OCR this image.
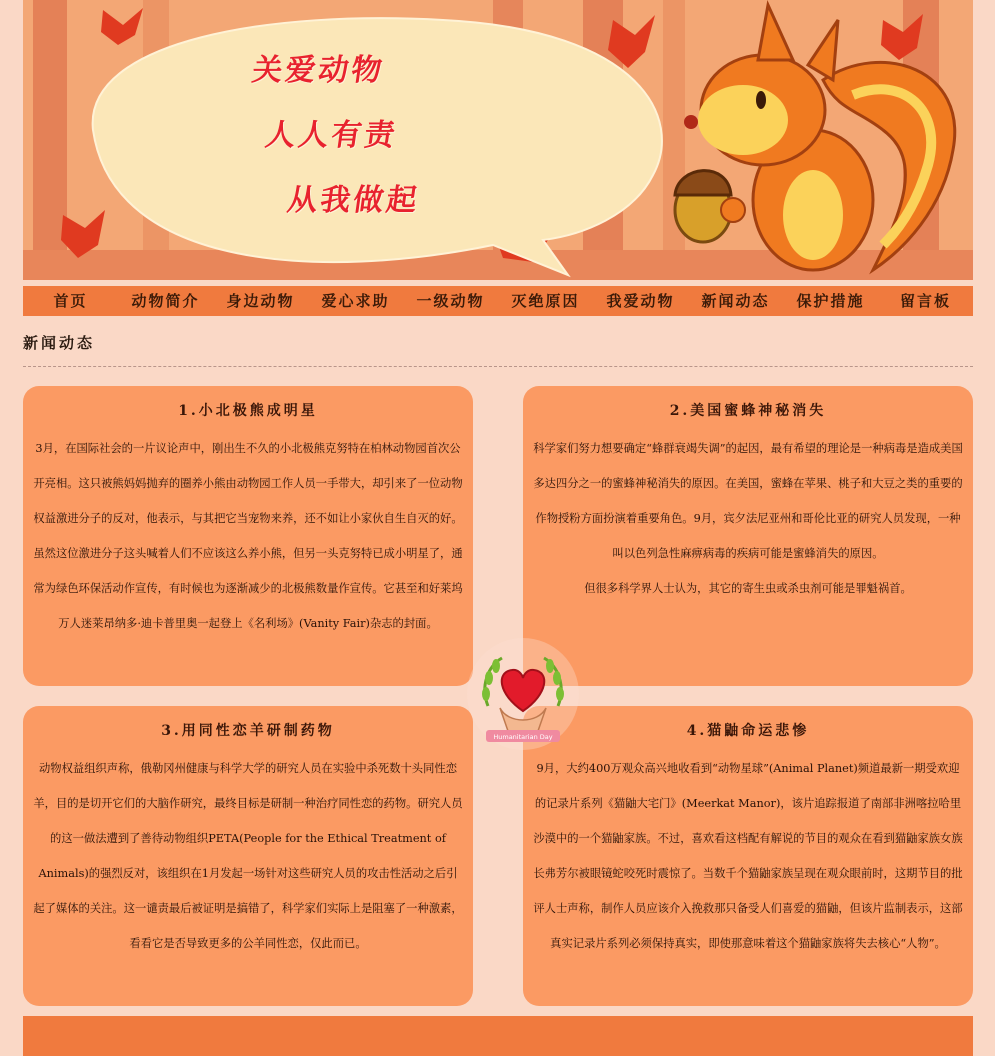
关爱动物
人人有责
从我做起
首页	动物简介	身边动物	爱心求助	一级动物	灭绝原因	我爱动物	新闻动态	保护措施	留言板
新闻动态
1.小北极熊成明星

3月，在国际社会的一片议论声中，刚出生不久的小北极熊克努特在柏林动物园首次公开亮相。这只被熊妈妈抛弃的圈养小熊由动物园工作人员一手带大，却引来了一位动物权益激进分子的反对，他表示，与其把它当宠物来养，还不如让小家伙自生自灭的好。虽然这位激进分子这头喊着人们不应该这么养小熊，但另一头克努特已成小明星了，通常为绿色环保活动作宣传，有时候也为逐渐减少的北极熊数量作宣传。它甚至和好莱坞万人迷莱昂纳多·迪卡普里奥一起登上《名利场》(Vanity Fair)杂志的封面。

2.美国蜜蜂神秘消失

科学家们努力想要确定“蜂群衰竭失调”的起因，最有希望的理论是一种病毒是造成美国多达四分之一的蜜蜂神秘消失的原因。在美国，蜜蜂在苹果、桃子和大豆之类的重要的作物授粉方面扮演着重要角色。9月，宾夕法尼亚州和哥伦比亚的研究人员发现，一种叫以色列急性麻痹病毒的疾病可能是蜜蜂消失的原因。

但很多科学界人士认为，其它的寄生虫或杀虫剂可能是罪魁祸首。

3.用同性恋羊研制药物

动物权益组织声称，俄勒冈州健康与科学大学的研究人员在实验中杀死数十头同性恋羊，目的是切开它们的大脑作研究，最终目标是研制一种治疗同性恋的药物。研究人员的这一做法遭到了善待动物组织PETA(People for the Ethical Treatment of Animals)的强烈反对，该组织在1月发起一场针对这些研究人员的攻击性活动之后引起了媒体的关注。这一谴责最后被证明是搞错了，科学家们实际上是阻塞了一种激素，看看它是否导致更多的公羊同性恋，仅此而已。

4.猫鼬命运悲惨

9月，大约400万观众高兴地收看到“动物星球”(Animal Planet)频道最新一期受欢迎的记录片系列《猫鼬大宅门》(Meerkat Manor)，该片追踪报道了南部非洲喀拉哈里沙漠中的一个猫鼬家族。不过，喜欢看这档配有解说的节目的观众在看到猫鼬家族女族长弗芳尔被眼镜蛇咬死时震惊了。当数千个猫鼬家族呈现在观众眼前时，这期节目的批评人士声称，制作人员应该介入挽救那只备受人们喜爱的猫鼬，但该片监制表示，这部真实记录片系列必须保持真实，即使那意味着这个猫鼬家族将失去核心“人物”。

Humanitarian Day
